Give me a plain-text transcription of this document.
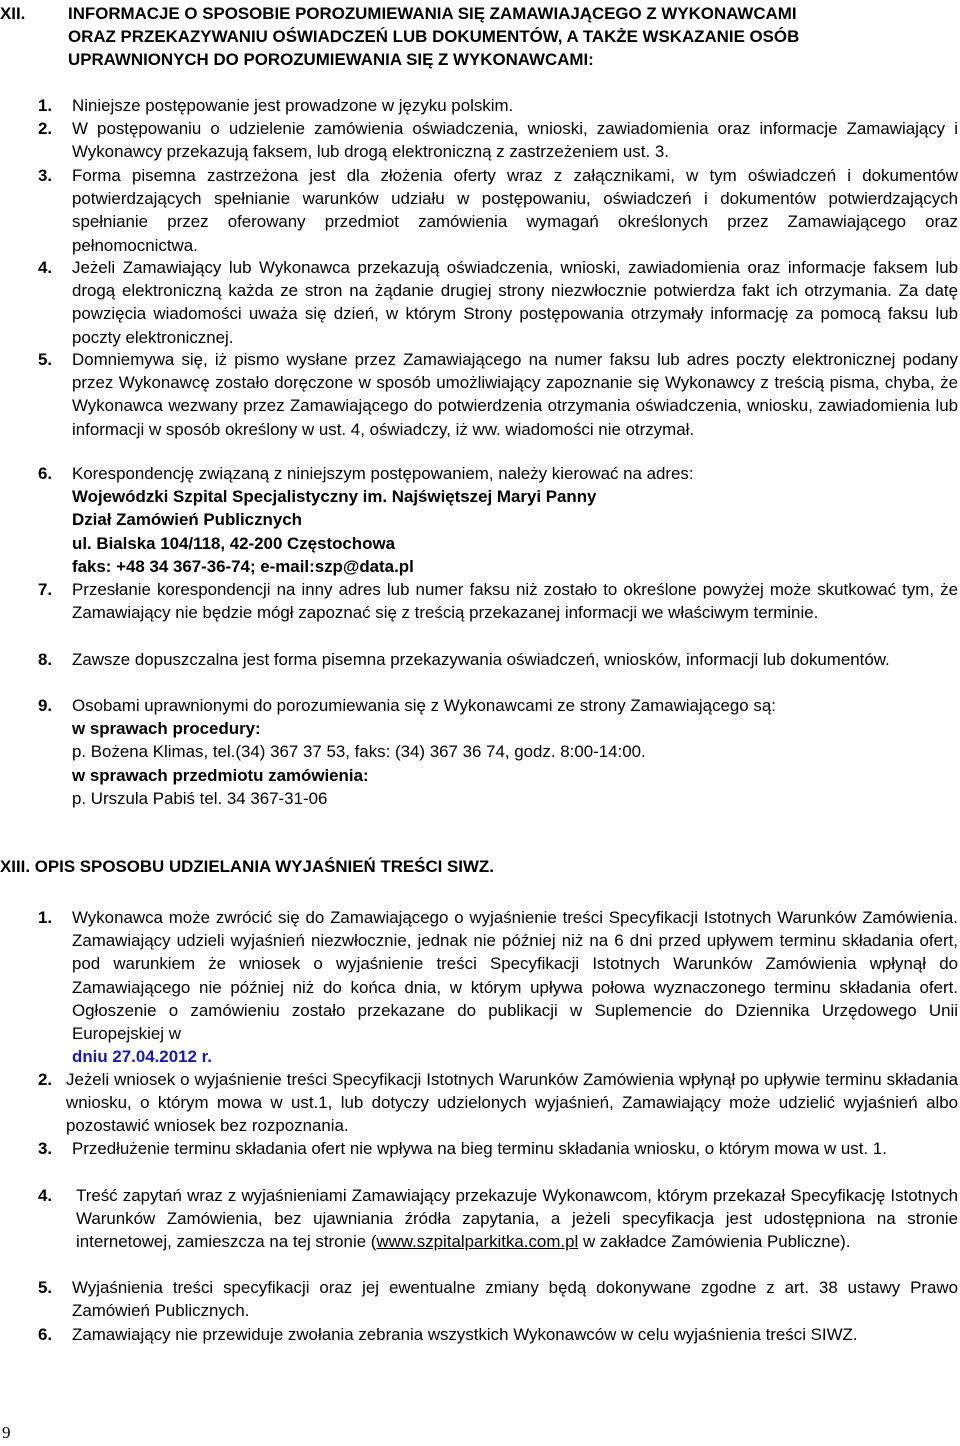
XII.	INFORMACJE O SPOSOBIE POROZUMIEWANIA SIĘ ZAMAWIAJĄCEGO Z WYKONAWCAMI
ORAZ PRZEKAZYWANIU OŚWIADCZEŃ LUB DOKUMENTÓW, A TAKŻE WSKAZANIE OSÓB
UPRAWNIONYCH DO POROZUMIEWANIA SIĘ Z WYKONAWCAMI:
1. Niniejsze postępowanie jest prowadzone w języku polskim.
2. W postępowaniu o udzielenie zamówienia oświadczenia, wnioski, zawiadomienia oraz informacje Zamawiający i Wykonawcy przekazują faksem, lub drogą elektroniczną z zastrzeżeniem ust. 3.
3. Forma pisemna zastrzeżona jest dla złożenia oferty wraz z załącznikami, w tym oświadczeń i dokumentów potwierdzających spełnianie warunków udziału w postępowaniu, oświadczeń i dokumentów potwierdzających spełnianie przez oferowany przedmiot zamówienia wymagań określonych przez Zamawiającego oraz pełnomocnictwa.
4. Jeżeli Zamawiający lub Wykonawca przekazują oświadczenia, wnioski, zawiadomienia oraz informacje faksem lub drogą elektroniczną każda ze stron na żądanie drugiej strony niezwłocznie potwierdza fakt ich otrzymania. Za datę powzięcia wiadomości uważa się dzień, w którym Strony postępowania otrzymały informację za pomocą faksu lub poczty elektronicznej.
5. Domniemywa się, iż pismo wysłane przez Zamawiającego na numer faksu lub adres poczty elektronicznej podany przez Wykonawcę zostało doręczone w sposób umożliwiający zapoznanie się Wykonawcy z treścią pisma, chyba, że Wykonawca wezwany przez Zamawiającego do potwierdzenia otrzymania oświadczenia, wniosku, zawiadomienia lub informacji w sposób określony w ust. 4, oświadczy, iż ww. wiadomości nie otrzymał.
6. Korespondencję związaną z niniejszym postępowaniem, należy kierować na adres:
Wojewódzki Szpital Specjalistyczny im. Najświętszej Maryi Panny
Dział Zamówień Publicznych
ul. Bialska 104/118, 42-200 Częstochowa
faks: +48 34 367-36-74; e-mail:szp@data.pl
7. Przesłanie korespondencji na inny adres lub numer faksu niż zostało to określone powyżej może skutkować tym, że Zamawiający nie będzie mógł zapoznać się z treścią przekazanej informacji we właściwym terminie.
8. Zawsze dopuszczalna jest forma pisemna przekazywania oświadczeń, wniosków, informacji lub dokumentów.
9. Osobami uprawnionymi do porozumiewania się z Wykonawcami ze strony Zamawiającego są:
w sprawach procedury:
p. Bożena Klimas, tel.(34) 367 37 53, faks: (34) 367 36 74, godz. 8:00-14:00.
w sprawach przedmiotu zamówienia:
p. Urszula Pabiś tel. 34 367-31-06
XIII. OPIS SPOSOBU UDZIELANIA WYJAŚNIEŃ TREŚCI SIWZ.
1. Wykonawca może zwrócić się do Zamawiającego o wyjaśnienie treści Specyfikacji Istotnych Warunków Zamówienia. Zamawiający udzieli wyjaśnień niezwłocznie, jednak nie później niż na 6 dni przed upływem terminu składania ofert, pod warunkiem że wniosek o wyjaśnienie treści Specyfikacji Istotnych Warunków Zamówienia wpłynął do Zamawiającego nie później niż do końca dnia, w którym upływa połowa wyznaczonego terminu składania ofert. Ogłoszenie o zamówieniu zostało przekazane do publikacji w Suplemencie do Dziennika Urzędowego Unii Europejskiej w
dniu 27.04.2012 r.
2. Jeżeli wniosek o wyjaśnienie treści Specyfikacji Istotnych Warunków Zamówienia wpłynął po upływie terminu składania wniosku, o którym mowa w ust.1, lub dotyczy udzielonych wyjaśnień, Zamawiający może udzielić wyjaśnień albo pozostawić wniosek bez rozpoznania.
3. Przedłużenie terminu składania ofert nie wpływa na bieg terminu składania wniosku, o którym mowa w ust. 1.
4. Treść zapytań wraz z wyjaśnieniami Zamawiający przekazuje Wykonawcom, którym przekazał Specyfikację Istotnych Warunków Zamówienia, bez ujawniania źródła zapytania, a jeżeli specyfikacja jest udostępniona na stronie internetowej, zamieszcza na tej stronie (www.szpitalparkitka.com.pl w zakładce Zamówienia Publiczne).
5. Wyjaśnienia treści specyfikacji oraz jej ewentualne zmiany będą dokonywane zgodne z art. 38 ustawy Prawo Zamówień Publicznych.
6. Zamawiający nie przewiduje zwołania zebrania wszystkich Wykonawców w celu wyjaśnienia treści SIWZ.
9
